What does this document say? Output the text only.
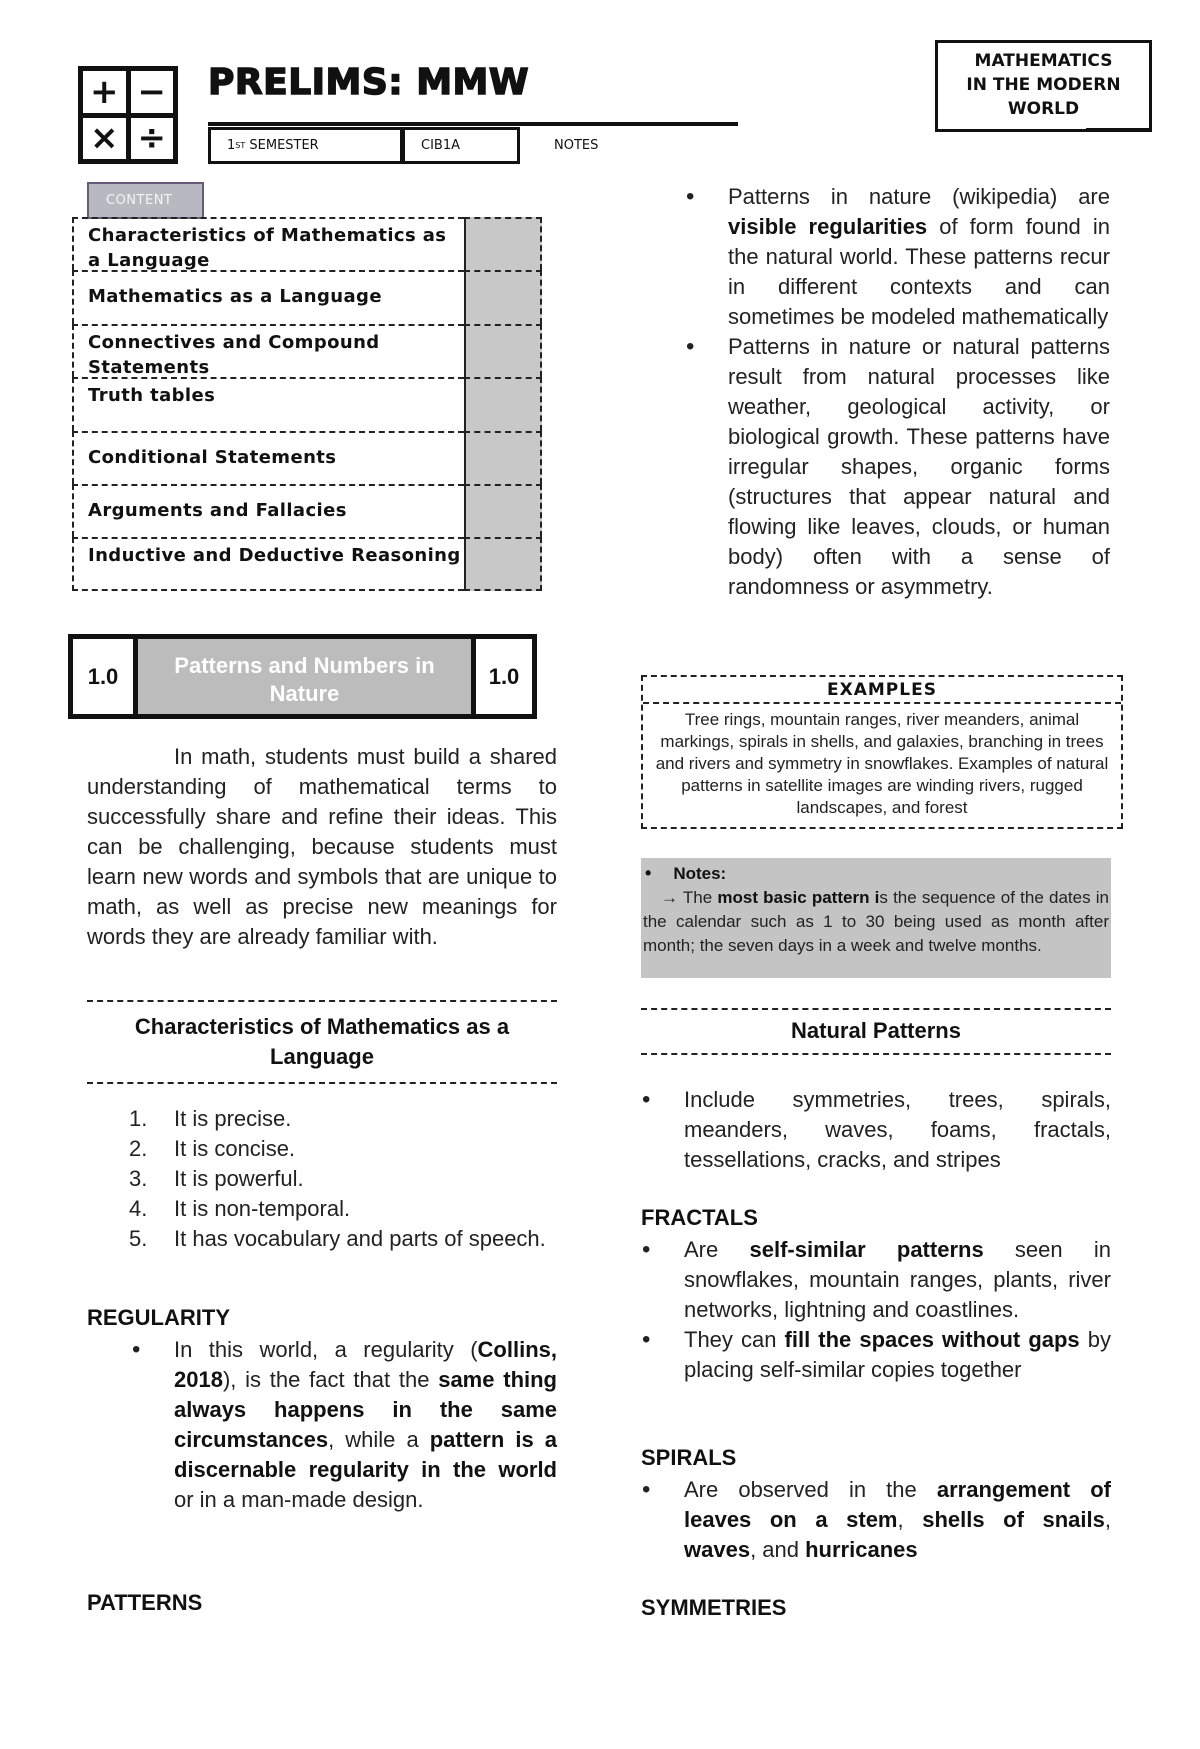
+ −
× ÷
PRELIMS: MMW
MATHEMATICS
IN THE MODERN
WORLD
1 ST SEMESTER	CIB1A	NOTES
CONTENT
Characteristics of Mathematics as a Language
Mathematics as a Language
Connectives and Compound Statements
Truth tables
Conditional Statements
Arguments and Fallacies
Inductive and Deductive Reasoning
1.0	Patterns and Numbers in Nature
1.0
In math, students must build a shared understanding of mathematical terms to successfully share and refine their ideas. This can be challenging, because students must learn new words and symbols that are unique to math, as well as precise new meanings for words they are already familiar with.
Characteristics of Mathematics as a Language
1. It is precise.
2. It is concise.
3. It is powerful.
4. It is non-temporal.
5. It has vocabulary and parts of speech.
REGULARITY
• In this world, a regularity (Collins, 2018), is the fact that the same thing always happens in the same circumstances, while a pattern is a discernable regularity in the world or in a man-made design.
PATTERNS
• Patterns in nature (wikipedia) are visible regularities of form found in the natural world. These patterns recur in different contexts and can sometimes be modeled mathematically
• Patterns in nature or natural patterns result from natural processes like weather, geological activity, or biological growth. These patterns have irregular shapes, organic forms (structures that appear natural and flowing like leaves, clouds, or human body) often with a sense of randomness or asymmetry.
EXAMPLES
Tree rings, mountain ranges, river meanders, animal markings, spirals in shells, and galaxies, branching in trees and rivers and symmetry in snowflakes. Examples of natural patterns in satellite images are winding rivers, rugged landscapes, and forest
• Notes:
→ The most basic pattern is the sequence of the dates in the calendar such as 1 to 30 being used as month after month; the seven days in a week and twelve months.
Natural Patterns
• Include symmetries, trees, spirals, meanders, waves, foams, fractals, tessellations, cracks, and stripes
FRACTALS
• Are self-similar patterns seen in snowflakes, mountain ranges, plants, river networks, lightning and coastlines.
• They can fill the spaces without gaps by placing self-similar copies together
SPIRALS
• Are observed in the arrangement of leaves on a stem, shells of snails, waves, and hurricanes
SYMMETRIES
